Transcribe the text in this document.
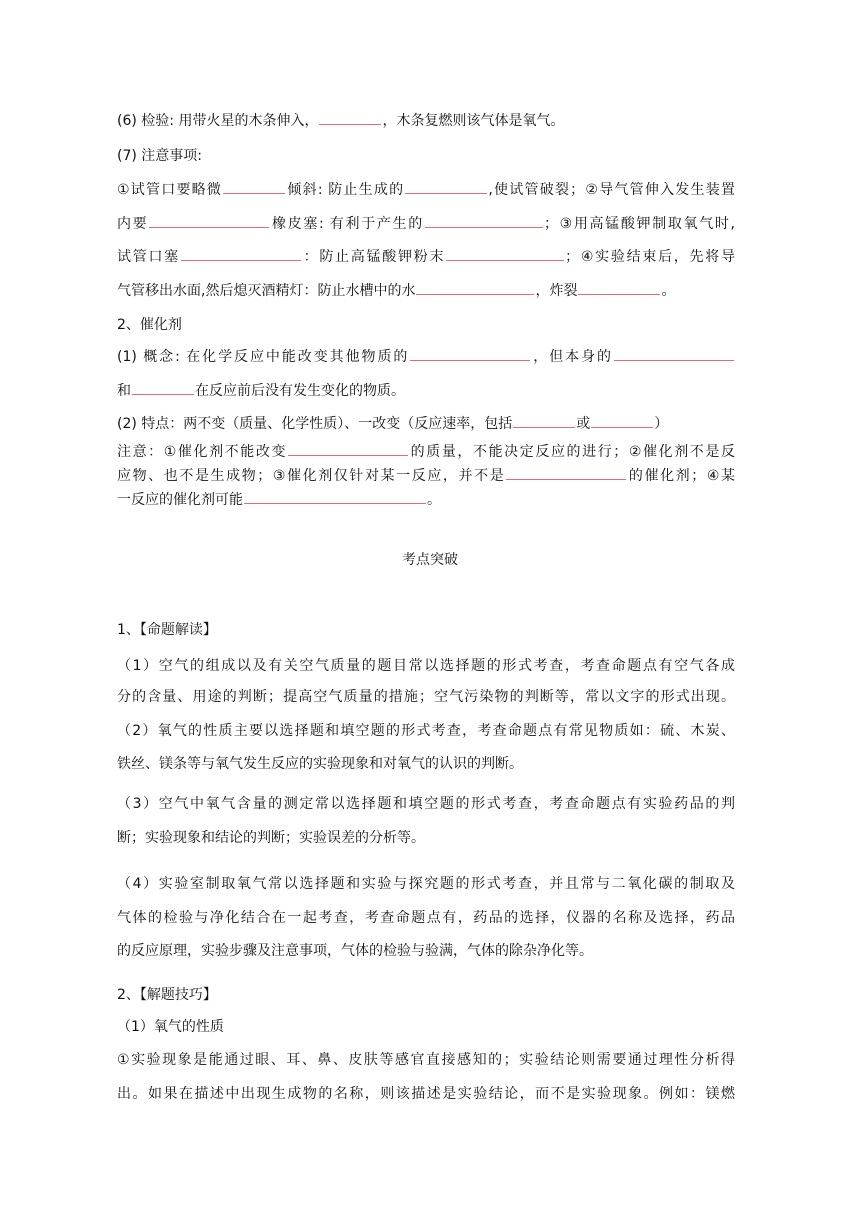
(6) 检验: 用带火星的木条伸入，	，木条复燃则该气体是氧气。
(7) 注意事项:
①试管口要略微	倾斜: 防止生成的	,使试管破裂；②导气管伸入发生装置
内要	橡皮塞: 有利于产生的	；③用高锰酸钾制取氧气时,
试管口塞	：防止高锰酸钾粉末	；④实验结束后，先将导
气管移出水面,然后熄灭酒精灯：防止水槽中的水	，炸裂	。
2、催化剂
(1) 概念: 在化学反应中能改变其他物质的	，但本身的
和	在反应前后没有发生变化的物质。
(2) 特点：两不变（质量、化学性质）、一改变（反应速率，包括	或	）
注意：①催化剂不能改变	的质量，不能决定反应的进行；②催化剂不是反
应物、也不是生成物；③催化剂仅针对某一反应，并不是	的催化剂；④某
一反应的催化剂可能	。
考点突破
1、【命题解读】
（1）空气的组成以及有关空气质量的题目常以选择题的形式考查，考查命题点有空气各成
分的含量、用途的判断；提高空气质量的措施；空气污染物的判断等，常以文字的形式出现。
（2）氧气的性质主要以选择题和填空题的形式考查，考查命题点有常见物质如：硫、木炭、
铁丝、镁条等与氧气发生反应的实验现象和对氧气的认识的判断。
（3）空气中氧气含量的测定常以选择题和填空题的形式考查，考查命题点有实验药品的判
断；实验现象和结论的判断；实验误差的分析等。
（4）实验室制取氧气常以选择题和实验与探究题的形式考查，并且常与二氧化碳的制取及
气体的检验与净化结合在一起考查，考查命题点有，药品的选择，仪器的名称及选择，药品
的反应原理，实验步骤及注意事项，气体的检验与验满，气体的除杂净化等。
2、【解题技巧】
（1）氧气的性质
①实验现象是能通过眼、耳、鼻、皮肤等感官直接感知的；实验结论则需要通过理性分析得
出。如果在描述中出现生成物的名称，则该描述是实验结论，而不是实验现象。例如：镁燃
